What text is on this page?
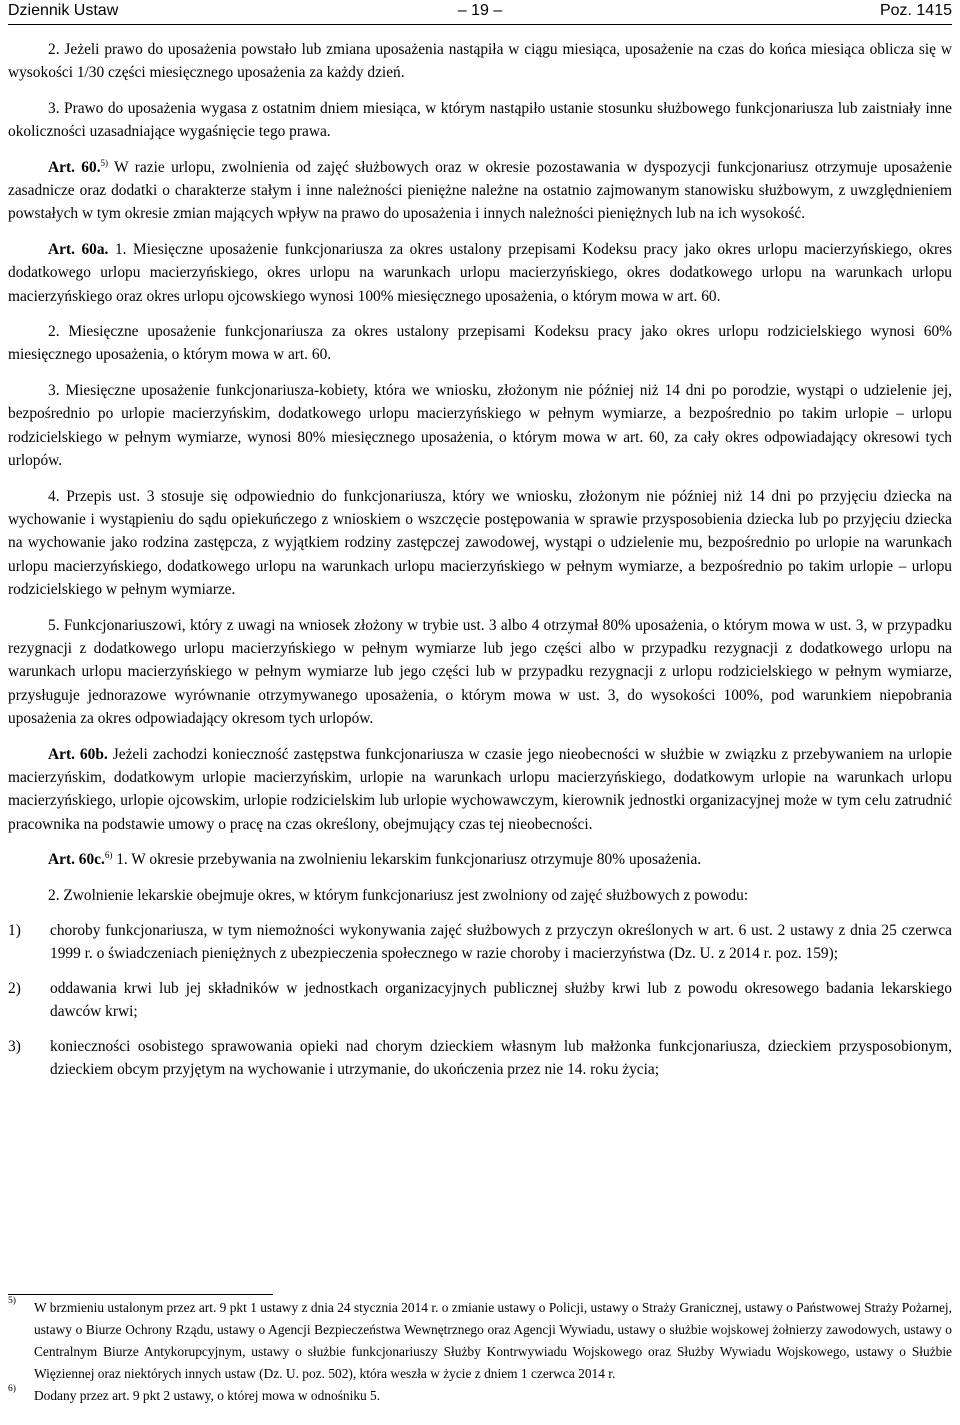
Dziennik Ustaw	– 19 –	Poz. 1415

2. Jeżeli prawo do uposażenia powstało lub zmiana uposażenia nastąpiła w ciągu miesiąca, uposażenie na czas do końca miesiąca oblicza się w wysokości 1/30 części miesięcznego uposażenia za każdy dzień.

3. Prawo do uposażenia wygasa z ostatnim dniem miesiąca, w którym nastąpiło ustanie stosunku służbowego funkcjonariusza lub zaistniały inne okoliczności uzasadniające wygaśnięcie tego prawa.

Art. 60.$^{5)}$ W razie urlopu, zwolnienia od zajęć służbowych oraz w okresie pozostawania w dyspozycji funkcjonariusz otrzymuje uposażenie zasadnicze oraz dodatki o charakterze stałym i inne należności pieniężne należne na ostatnio zajmowanym stanowisku służbowym, z uwzględnieniem powstałych w tym okresie zmian mających wpływ na prawo do uposażenia i innych należności pieniężnych lub na ich wysokość.

Art. 60a. 1. Miesięczne uposażenie funkcjonariusza za okres ustalony przepisami Kodeksu pracy jako okres urlopu macierzyńskiego, okres dodatkowego urlopu macierzyńskiego, okres urlopu na warunkach urlopu macierzyńskiego, okres dodatkowego urlopu na warunkach urlopu macierzyńskiego oraz okres urlopu ojcowskiego wynosi 100% miesięcznego uposażenia, o którym mowa w art. 60.

2. Miesięczne uposażenie funkcjonariusza za okres ustalony przepisami Kodeksu pracy jako okres urlopu rodzicielskiego wynosi 60% miesięcznego uposażenia, o którym mowa w art. 60.

3. Miesięczne uposażenie funkcjonariusza-kobiety, która we wniosku, złożonym nie później niż 14 dni po porodzie, wystąpi o udzielenie jej, bezpośrednio po urlopie macierzyńskim, dodatkowego urlopu macierzyńskiego w pełnym wymiarze, a bezpośrednio po takim urlopie – urlopu rodzicielskiego w pełnym wymiarze, wynosi 80% miesięcznego uposażenia, o którym mowa w art. 60, za cały okres odpowiadający okresowi tych urlopów.

4. Przepis ust. 3 stosuje się odpowiednio do funkcjonariusza, który we wniosku, złożonym nie później niż 14 dni po przyjęciu dziecka na wychowanie i wystąpieniu do sądu opiekuńczego z wnioskiem o wszczęcie postępowania w sprawie przysposobienia dziecka lub po przyjęciu dziecka na wychowanie jako rodzina zastępcza, z wyjątkiem rodziny zastępczej zawodowej, wystąpi o udzielenie mu, bezpośrednio po urlopie na warunkach urlopu macierzyńskiego, dodatkowego urlopu na warunkach urlopu macierzyńskiego w pełnym wymiarze, a bezpośrednio po takim urlopie – urlopu rodzicielskiego w pełnym wymiarze.

5. Funkcjonariuszowi, który z uwagi na wniosek złożony w trybie ust. 3 albo 4 otrzymał 80% uposażenia, o którym mowa w ust. 3, w przypadku rezygnacji z dodatkowego urlopu macierzyńskiego w pełnym wymiarze lub jego części albo w przypadku rezygnacji z dodatkowego urlopu na warunkach urlopu macierzyńskiego w pełnym wymiarze lub jego części lub w przypadku rezygnacji z urlopu rodzicielskiego w pełnym wymiarze, przysługuje jednorazowe wyrównanie otrzymywanego uposażenia, o którym mowa w ust. 3, do wysokości 100%, pod warunkiem niepobrania uposażenia za okres odpowiadający okresom tych urlopów.

Art. 60b. Jeżeli zachodzi konieczność zastępstwa funkcjonariusza w czasie jego nieobecności w służbie w związku z przebywaniem na urlopie macierzyńskim, dodatkowym urlopie macierzyńskim, urlopie na warunkach urlopu macierzyńskiego, dodatkowym urlopie na warunkach urlopu macierzyńskiego, urlopie ojcowskim, urlopie rodzicielskim lub urlopie wychowawczym, kierownik jednostki organizacyjnej może w tym celu zatrudnić pracownika na podstawie umowy o pracę na czas określony, obejmujący czas tej nieobecności.

Art. 60c.$^{6)}$ 1. W okresie przebywania na zwolnieniu lekarskim funkcjonariusz otrzymuje 80% uposażenia.

2. Zwolnienie lekarskie obejmuje okres, w którym funkcjonariusz jest zwolniony od zajęć służbowych z powodu:

1)	choroby funkcjonariusza, w tym niemożności wykonywania zajęć służbowych z przyczyn określonych w art. 6 ust. 2 ustawy z dnia 25 czerwca 1999 r. o świadczeniach pieniężnych z ubezpieczenia społecznego w razie choroby i macierzyństwa (Dz. U. z 2014 r. poz. 159);
2)	oddawania krwi lub jej składników w jednostkach organizacyjnych publicznej służby krwi lub z powodu okresowego badania lekarskiego dawców krwi;
3)	konieczności osobistego sprawowania opieki nad chorym dzieckiem własnym lub małżonka funkcjonariusza, dzieckiem przysposobionym, dzieckiem obcym przyjętym na wychowanie i utrzymanie, do ukończenia przez nie 14. roku życia;
5) W brzmieniu ustalonym przez art. 9 pkt 1 ustawy z dnia 24 stycznia 2014 r. o zmianie ustawy o Policji, ustawy o Straży Granicznej, ustawy o Państwowej Straży Pożarnej, ustawy o Biurze Ochrony Rządu, ustawy o Agencji Bezpieczeństwa Wewnętrznego oraz Agencji Wywiadu, ustawy o służbie wojskowej żołnierzy zawodowych, ustawy o Centralnym Biurze Antykorupcyjnym, ustawy o służbie funkcjonariuszy Służby Kontrwywiadu Wojskowego oraz Służby Wywiadu Wojskowego, ustawy o Służbie Więziennej oraz niektórych innych ustaw (Dz. U. poz. 502), która weszła w życie z dniem 1 czerwca 2014 r.
6) Dodany przez art. 9 pkt 2 ustawy, o której mowa w odnośniku 5.
